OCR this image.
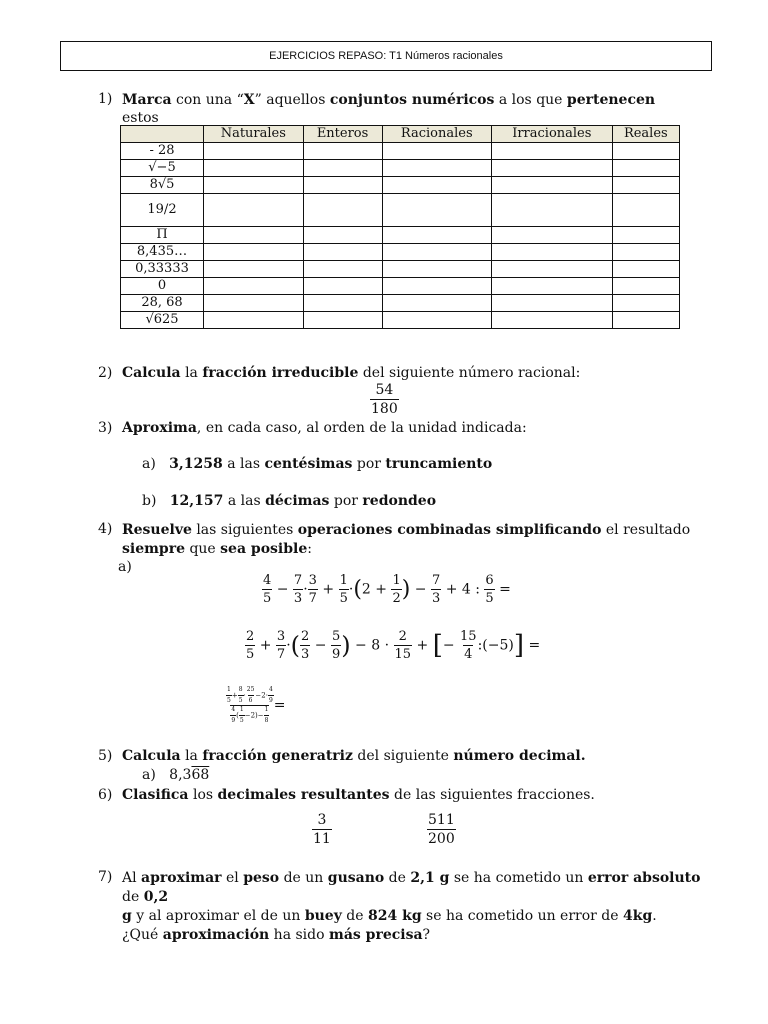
EJERCICIOS REPASO: T1 Números racionales
1) Marca con una “X” aquellos conjuntos numéricos a los que pertenecen estos

	Naturales	Enteros	Racionales	Irracionales	Reales
- 28					
√−5					
8√5					
19/2					
Π					
8,435…					
0,33333					
0					
28, 68					
√625					
2) Calcula la fracción irreducible del siguiente número racional:
$\frac{54}{180}$
3) Aproxima, en cada caso, al orden de la unidad indicada:
a) 3,1258 a las centésimas por truncamiento
b) 12,157 a las décimas por redondeo
4) Resuelve las siguientes operaciones combinadas simplificando el resultado
siempre que sea posible:
a)
$\frac{4}{5} - \frac{7}{3} \cdot \frac{3}{7} + \frac{1}{5} \cdot(2 + \frac{1}{2}$ ) − $\frac{7}{3} + 4$ : $\frac{6}{5}$ =
$\frac{2}{5} + \frac{3}{7}$ ·( $\frac{2}{3} - \frac{5}{9}$ ) − $8 \cdot \frac{2}{15}$ + [− $\frac{15}{4}$ :(−5)] =
$\frac{\frac{1}{5} + \frac{8}{5} \cdot \frac{25}{6} -2\cdot \frac{4}{9}}{\frac{4}{9} ( \frac{1}{5} -2)- \frac{1}{8}}$ =
5) Calcula la fracción generatriz del siguiente número decimal.
a) 8,368
6) Clasifica los decimales resultantes de las siguientes fracciones.
$\frac{3}{11}$	$\frac{511}{200}$
7) Al aproximar el peso de un gusano de 2,1 g se ha cometido un error absoluto de 0,2
g y al aproximar el de un buey de 824 kg se ha cometido un error de 4kg.
¿Qué aproximación ha sido más precisa?
